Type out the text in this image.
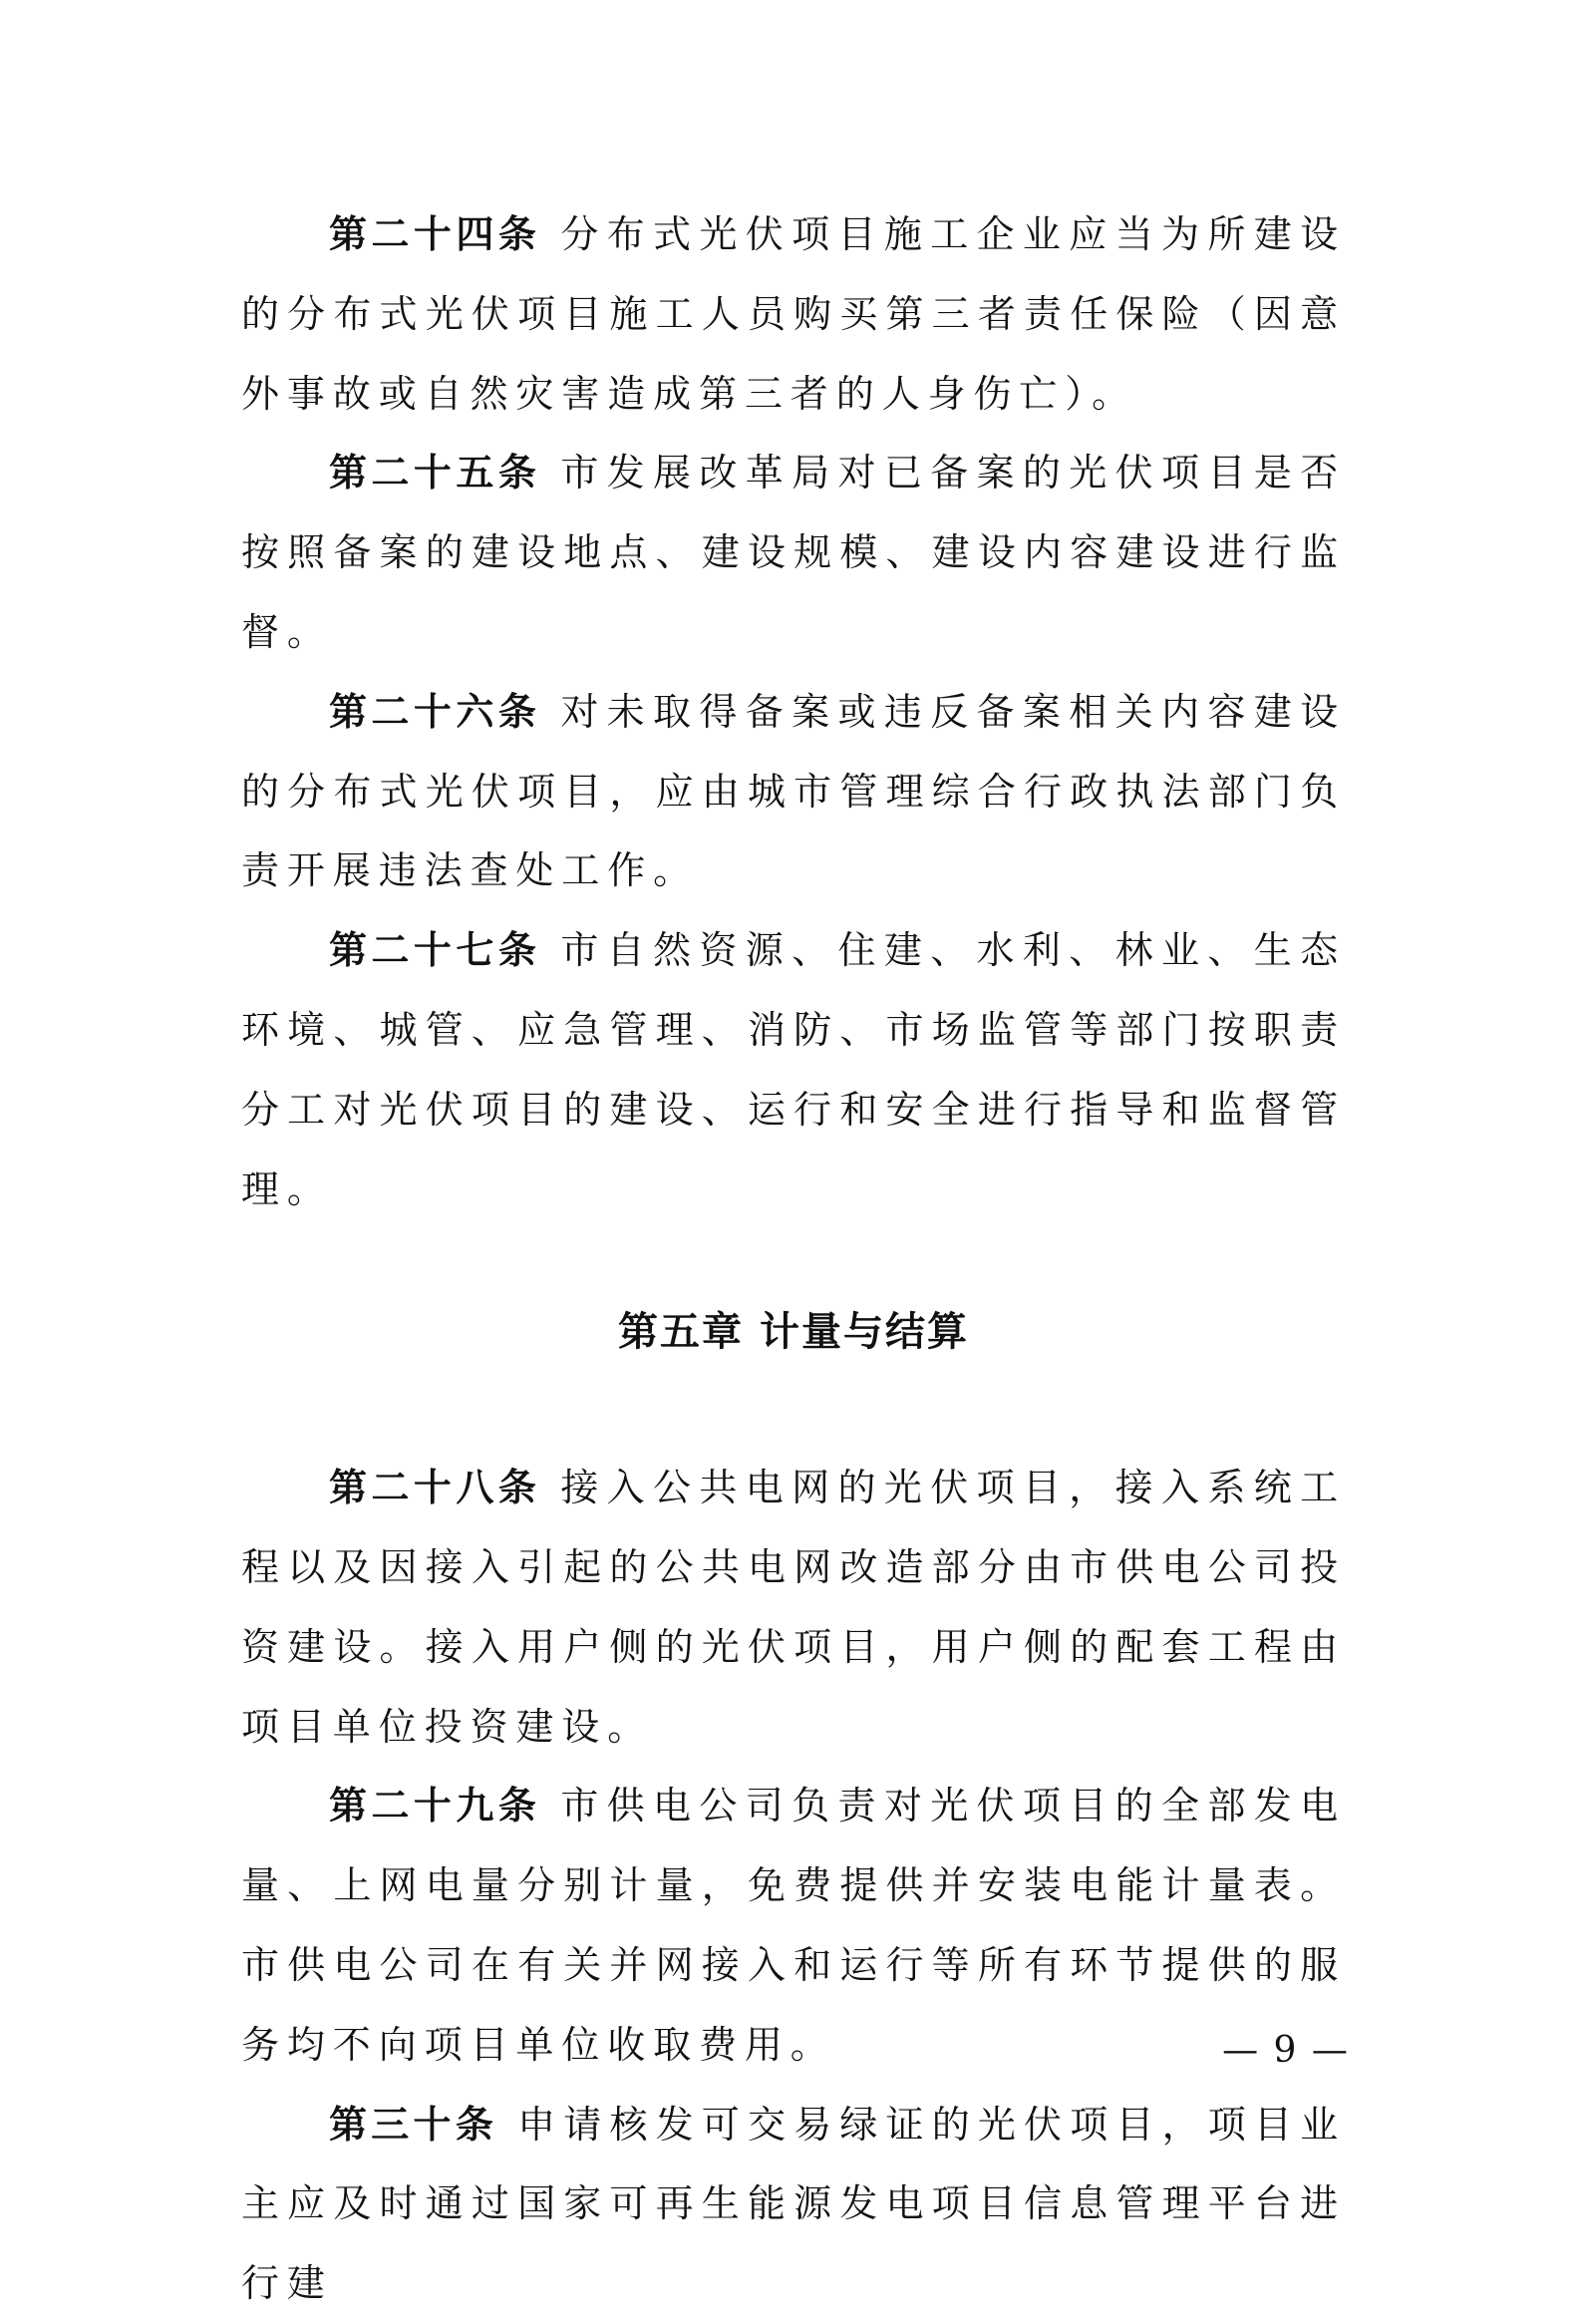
第二十四条 分布式光伏项目施工企业应当为所建设的分布式光伏项目施工人员购买第三者责任保险（因意外事故或自然灾害造成第三者的人身伤亡）。

第二十五条 市发展改革局对已备案的光伏项目是否按照备案的建设地点、建设规模、建设内容建设进行监督。

第二十六条 对未取得备案或违反备案相关内容建设的分布式光伏项目，应由城市管理综合行政执法部门负责开展违法查处工作。

第二十七条 市自然资源、住建、水利、林业、生态环境、城管、应急管理、消防、市场监管等部门按职责分工对光伏项目的建设、运行和安全进行指导和监督管理。

第五章 计量与结算

第二十八条 接入公共电网的光伏项目，接入系统工程以及因接入引起的公共电网改造部分由市供电公司投资建设。接入用户侧的光伏项目，用户侧的配套工程由项目单位投资建设。

第二十九条 市供电公司负责对光伏项目的全部发电量、上网电量分别计量，免费提供并安装电能计量表。市供电公司在有关并网接入和运行等所有环节提供的服务均不向项目单位收取费用。

第三十条 申请核发可交易绿证的光伏项目，项目业主应及时通过国家可再生能源发电项目信息管理平台进行建

— 9 —
